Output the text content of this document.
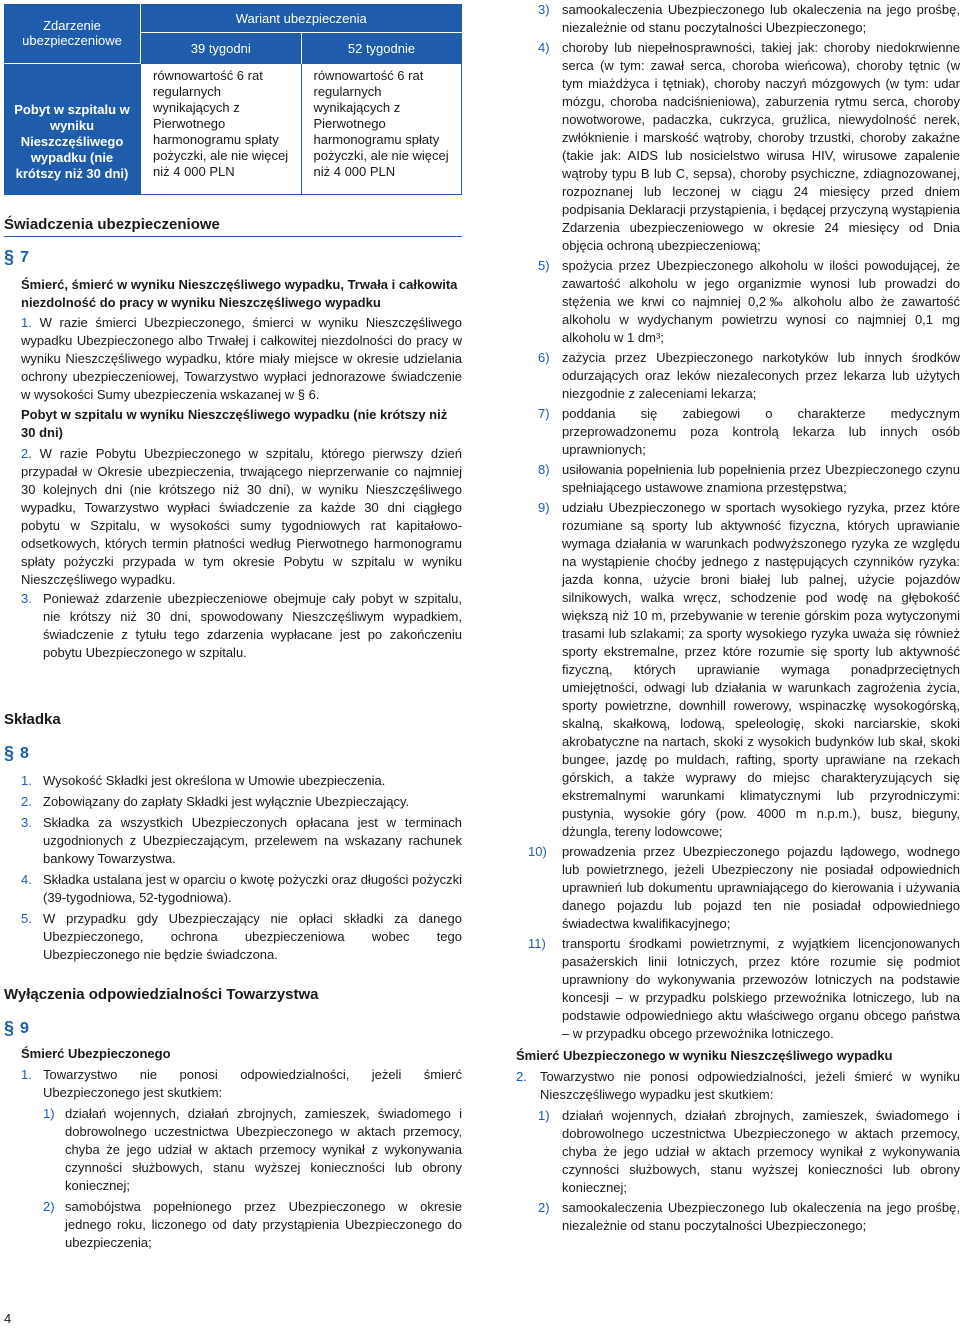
Zdarzenie ubezpieczeniowe	Wariant ubezpieczenia	
	39 tygodni	52 tygodnie
Pobyt w szpitalu w wyniku Nieszczęśliwego wypadku (nie krótszy niż 30 dni)	równowartość 6 rat regularnych wynikających z Pierwotnego harmonogramu spłaty pożyczki, ale nie więcej niż 4 000 PLN	równowartość 6 rat regularnych wynikających z Pierwotnego harmonogramu spłaty pożyczki, ale nie więcej niż 4 000 PLN
Świadczenia ubezpieczeniowe
§ 7

Śmierć, śmierć w wyniku Nieszczęśliwego wypadku, Trwała i całkowita niezdolność do pracy w wyniku Nieszczęśliwego wypadku

1. W razie śmierci Ubezpieczonego, śmierci w wyniku Nieszczęśliwego wypadku Ubezpieczonego albo Trwałej i całkowitej niezdolności do pracy w wyniku Nieszczęśliwego wypadku, które miały miejsce w okresie udzielania ochrony ubezpieczeniowej, Towarzystwo wypłaci jednorazowe świadczenie w wysokości Sumy ubezpieczenia wskazanej w § 6.

Pobyt w szpitalu w wyniku Nieszczęśliwego wypadku (nie krótszy niż 30 dni)

2. W razie Pobytu Ubezpieczonego w szpitalu, którego pierwszy dzień przypadał w Okresie ubezpieczenia, trwającego nieprzerwanie co najmniej 30 kolejnych dni (nie krótszego niż 30 dni), w wyniku Nieszczęśliwego wypadku, Towarzystwo wypłaci świadczenie za każde 30 dni ciągłego pobytu w Szpitalu, w wysokości sumy tygodniowych rat kapitałowo-odsetkowych, których termin płatności według Pierwotnego harmonogramu spłaty pożyczki przypada w tym okresie Pobytu w szpitalu w wyniku Nieszczęśliwego wypadku.

3. Ponieważ zdarzenie ubezpieczeniowe obejmuje cały pobyt w szpitalu, nie krótszy niż 30 dni, spowodowany Nieszczęśliwym wypadkiem, świadczenie z tytułu tego zdarzenia wypłacane jest po zakończeniu pobytu Ubezpieczonego w szpitalu.
Składka
§ 8
1. Wysokość Składki jest określona w Umowie ubezpieczenia.
2. Zobowiązany do zapłaty Składki jest wyłącznie Ubezpieczający.
3. Składka za wszystkich Ubezpieczonych opłacana jest w terminach uzgodnionych z Ubezpieczającym, przelewem na wskazany rachunek bankowy Towarzystwa.
4. Składka ustalana jest w oparciu o kwotę pożyczki oraz długości pożyczki (39-tygodniowa, 52-tygodniowa).
5. W przypadku gdy Ubezpieczający nie opłaci składki za danego Ubezpieczonego, ochrona ubezpieczeniowa wobec tego Ubezpieczonego nie będzie świadczona.
Wyłączenia odpowiedzialności Towarzystwa
§ 9

Śmierć Ubezpieczonego

1. Towarzystwo nie ponosi odpowiedzialności, jeżeli śmierć Ubezpieczonego jest skutkiem:
1) działań wojennych, działań zbrojnych, zamieszek, świadomego i dobrowolnego uczestnictwa Ubezpieczonego w aktach przemocy, chyba że jego udział w aktach przemocy wynikał z wykonywania czynności służbowych, stanu wyższej konieczności lub obrony koniecznej;
2) samobójstwa popełnionego przez Ubezpieczonego w okresie jednego roku, liczonego od daty przystąpienia Ubezpieczonego do ubezpieczenia;
3) samookaleczenia Ubezpieczonego lub okaleczenia na jego prośbę, niezależnie od stanu poczytalności Ubezpieczonego;
4) choroby lub niepełnosprawności, takiej jak: choroby niedokrwienne serca (w tym: zawał serca, choroba wieńcowa), choroby tętnic (w tym miażdżyca i tętniak), choroby naczyń mózgowych (w tym: udar mózgu, choroba nadciśnieniowa), zaburzenia rytmu serca, choroby nowotworowe, padaczka, cukrzyca, gruźlica, niewydolność nerek, zwłóknienie i marskość wątroby, choroby trzustki, choroby zakaźne (takie jak: AIDS lub nosicielstwo wirusa HIV, wirusowe zapalenie wątroby typu B lub C, sepsa), choroby psychiczne, zdiagnozowanej, rozpoznanej lub leczonej w ciągu 24 miesięcy przed dniem podpisania Deklaracji przystąpienia, i będącej przyczyną wystąpienia Zdarzenia ubezpieczeniowego w okresie 24 miesięcy od Dnia objęcia ochroną ubezpieczeniową;
5) spożycia przez Ubezpieczonego alkoholu w ilości powodującej, że zawartość alkoholu w jego organizmie wynosi lub prowadzi do stężenia we krwi co najmniej 0,2‰ alkoholu albo że zawartość alkoholu w wydychanym powietrzu wynosi co najmniej 0,1 mg alkoholu w 1 dm³;
6) zażycia przez Ubezpieczonego narkotyków lub innych środków odurzających oraz leków niezaleconych przez lekarza lub użytych niezgodnie z zaleceniami lekarza;
7) poddania się zabiegowi o charakterze medycznym przeprowadzonemu poza kontrolą lekarza lub innych osób uprawnionych;
8) usiłowania popełnienia lub popełnienia przez Ubezpieczonego czynu spełniającego ustawowe znamiona przestępstwa;
9) udziału Ubezpieczonego w sportach wysokiego ryzyka, przez które rozumiane są sporty lub aktywność fizyczna, których uprawianie wymaga działania w warunkach podwyższonego ryzyka ze względu na wystąpienie choćby jednego z następujących czynników ryzyka: jazda konna, użycie broni białej lub palnej, użycie pojazdów silnikowych, walka wręcz, schodzenie pod wodę na głębokość większą niż 10 m, przebywanie w terenie górskim poza wytyczonymi trasami lub szlakami; za sporty wysokiego ryzyka uważa się również sporty ekstremalne, przez które rozumie się sporty lub aktywność fizyczną, których uprawianie wymaga ponadprzeciętnych umiejętności, odwagi lub działania w warunkach zagrożenia życia, sporty powietrzne, downhill rowerowy, wspinaczkę wysokogórską, skalną, skałkową, lodową, speleologię, skoki narciarskie, skoki akrobatyczne na nartach, skoki z wysokich budynków lub skał, skoki bungee, jazdę po muldach, rafting, sporty uprawiane na rzekach górskich, a także wyprawy do miejsc charakteryzujących się ekstremalnymi warunkami klimatycznymi lub przyrodniczymi: pustynia, wysokie góry (pow. 4000 m n.p.m.), busz, bieguny, dżungla, tereny lodowcowe;
10)	prowadzenia przez Ubezpieczonego pojazdu lądowego, wodnego lub powietrznego, jeżeli Ubezpieczony nie posiadał odpowiednich uprawnień lub dokumentu uprawniającego do kierowania i używania danego pojazdu lub pojazd ten nie posiadał odpowiedniego świadectwa kwalifikacyjnego;
11)	transportu środkami powietrznymi, z wyjątkiem licencjonowanych pasażerskich linii lotniczych, przez które rozumie się podmiot uprawniony do wykonywania przewozów lotniczych na podstawie koncesji – w przypadku polskiego przewoźnika lotniczego, lub na podstawie odpowiedniego aktu właściwego organu obcego państwa – w przypadku obcego przewoźnika lotniczego.

Śmierć Ubezpieczonego w wyniku Nieszczęśliwego wypadku

2.	Towarzystwo nie ponosi odpowiedzialności, jeżeli śmierć w wyniku Nieszczęśliwego wypadku jest skutkiem:
1) działań wojennych, działań zbrojnych, zamieszek, świadomego i dobrowolnego uczestnictwa Ubezpieczonego w aktach przemocy, chyba że jego udział w aktach przemocy wynikał z wykonywania czynności służbowych, stanu wyższej konieczności lub obrony koniecznej;
2) samookaleczenia Ubezpieczonego lub okaleczenia na jego prośbę, niezależnie od stanu poczytalności Ubezpieczonego;
4
